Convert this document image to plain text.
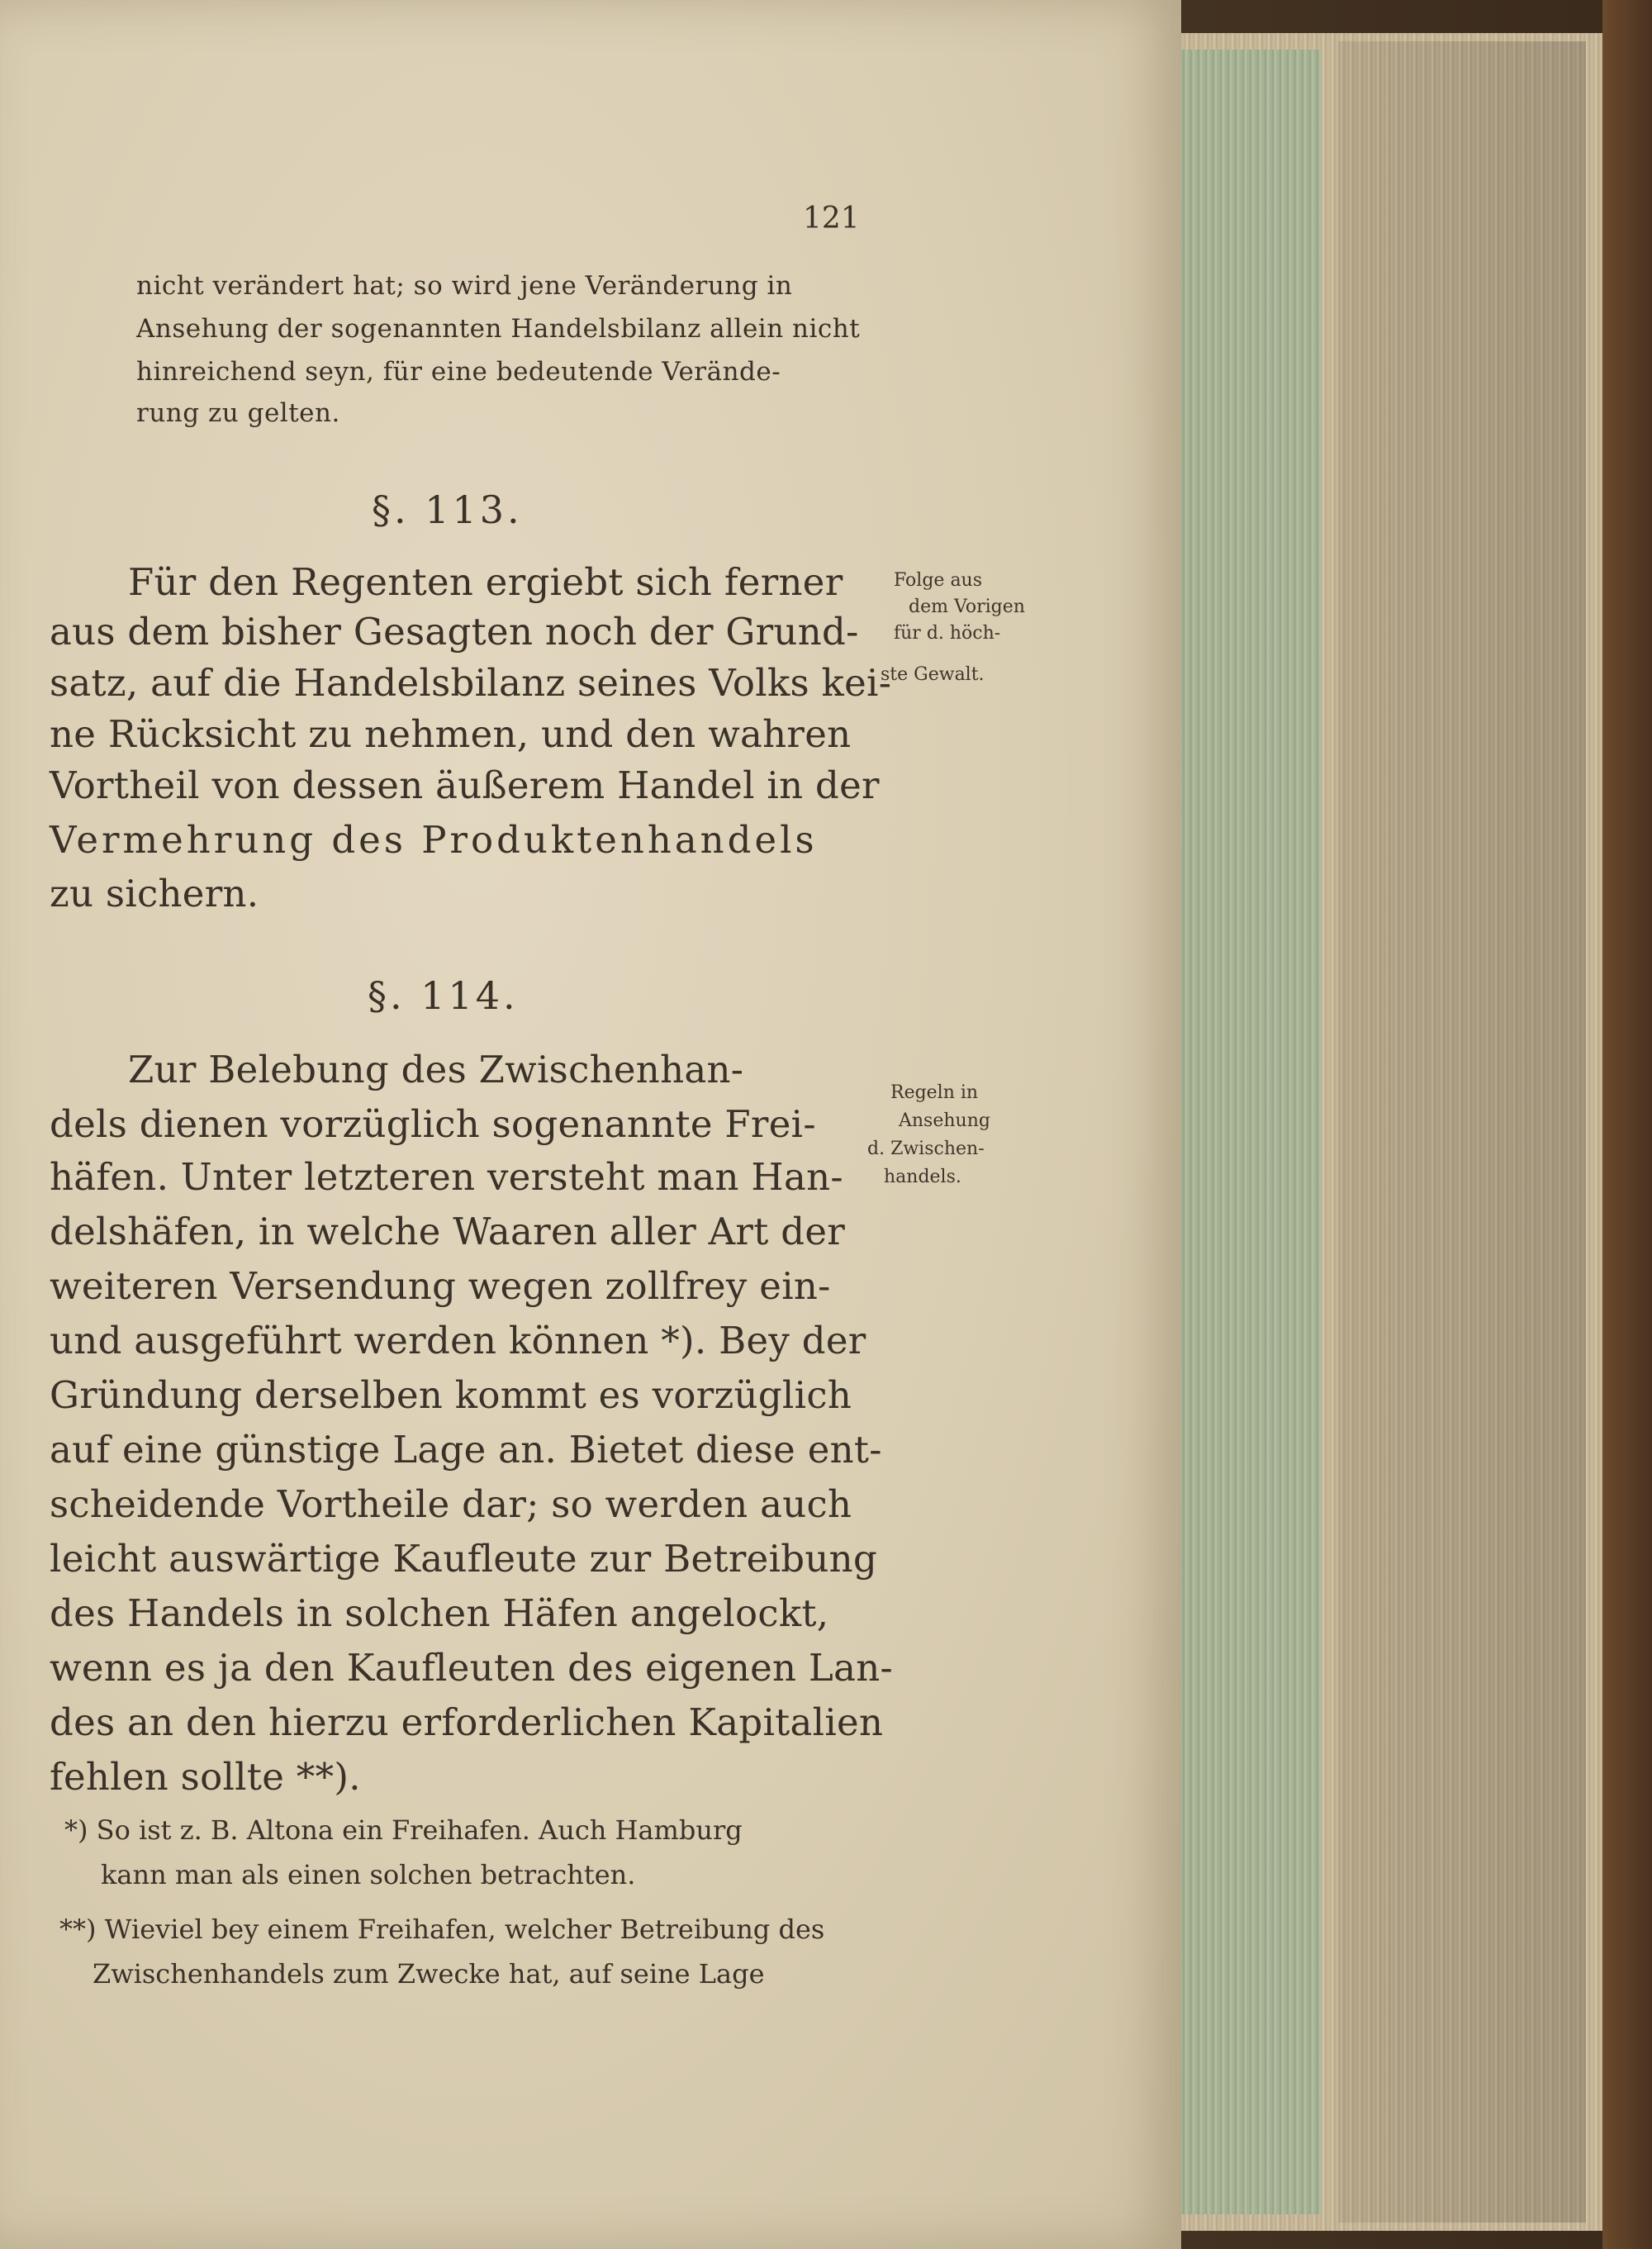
121
nicht verändert hat; so wird jene Veränderung in
Ansehung der sogenannten Handelsbilanz allein nicht
hinreichend seyn, für eine bedeutende Verände-
rung zu gelten.
§. 113.
Für den Regenten ergiebt sich ferner
aus dem bisher Gesagten noch der Grund-
satz, auf die Handelsbilanz seines Volks kei-
ne Rücksicht zu nehmen, und den wahren
Vortheil von dessen äußerem Handel in der
Vermehrung des Produktenhandels
zu sichern.
Folge aus
dem Vorigen
für d. höch-
ste Gewalt.
§. 114.
Zur Belebung des Zwischenhan-
dels dienen vorzüglich sogenannte Frei-
häfen. Unter letzteren versteht man Han-
delshäfen, in welche Waaren aller Art der
weiteren Versendung wegen zollfrey ein-
und ausgeführt werden können *). Bey der
Gründung derselben kommt es vorzüglich
auf eine günstige Lage an. Bietet diese ent-
scheidende Vortheile dar; so werden auch
leicht auswärtige Kaufleute zur Betreibung
des Handels in solchen Häfen angelockt,
wenn es ja den Kaufleuten des eigenen Lan-
des an den hierzu erforderlichen Kapitalien
fehlen sollte **).
Regeln in
Ansehung
d. Zwischen-
handels.
*) So ist z. B. Altona ein Freihafen. Auch Hamburg
kann man als einen solchen betrachten.
**) Wieviel bey einem Freihafen, welcher Betreibung des
Zwischenhandels zum Zwecke hat, auf seine Lage
